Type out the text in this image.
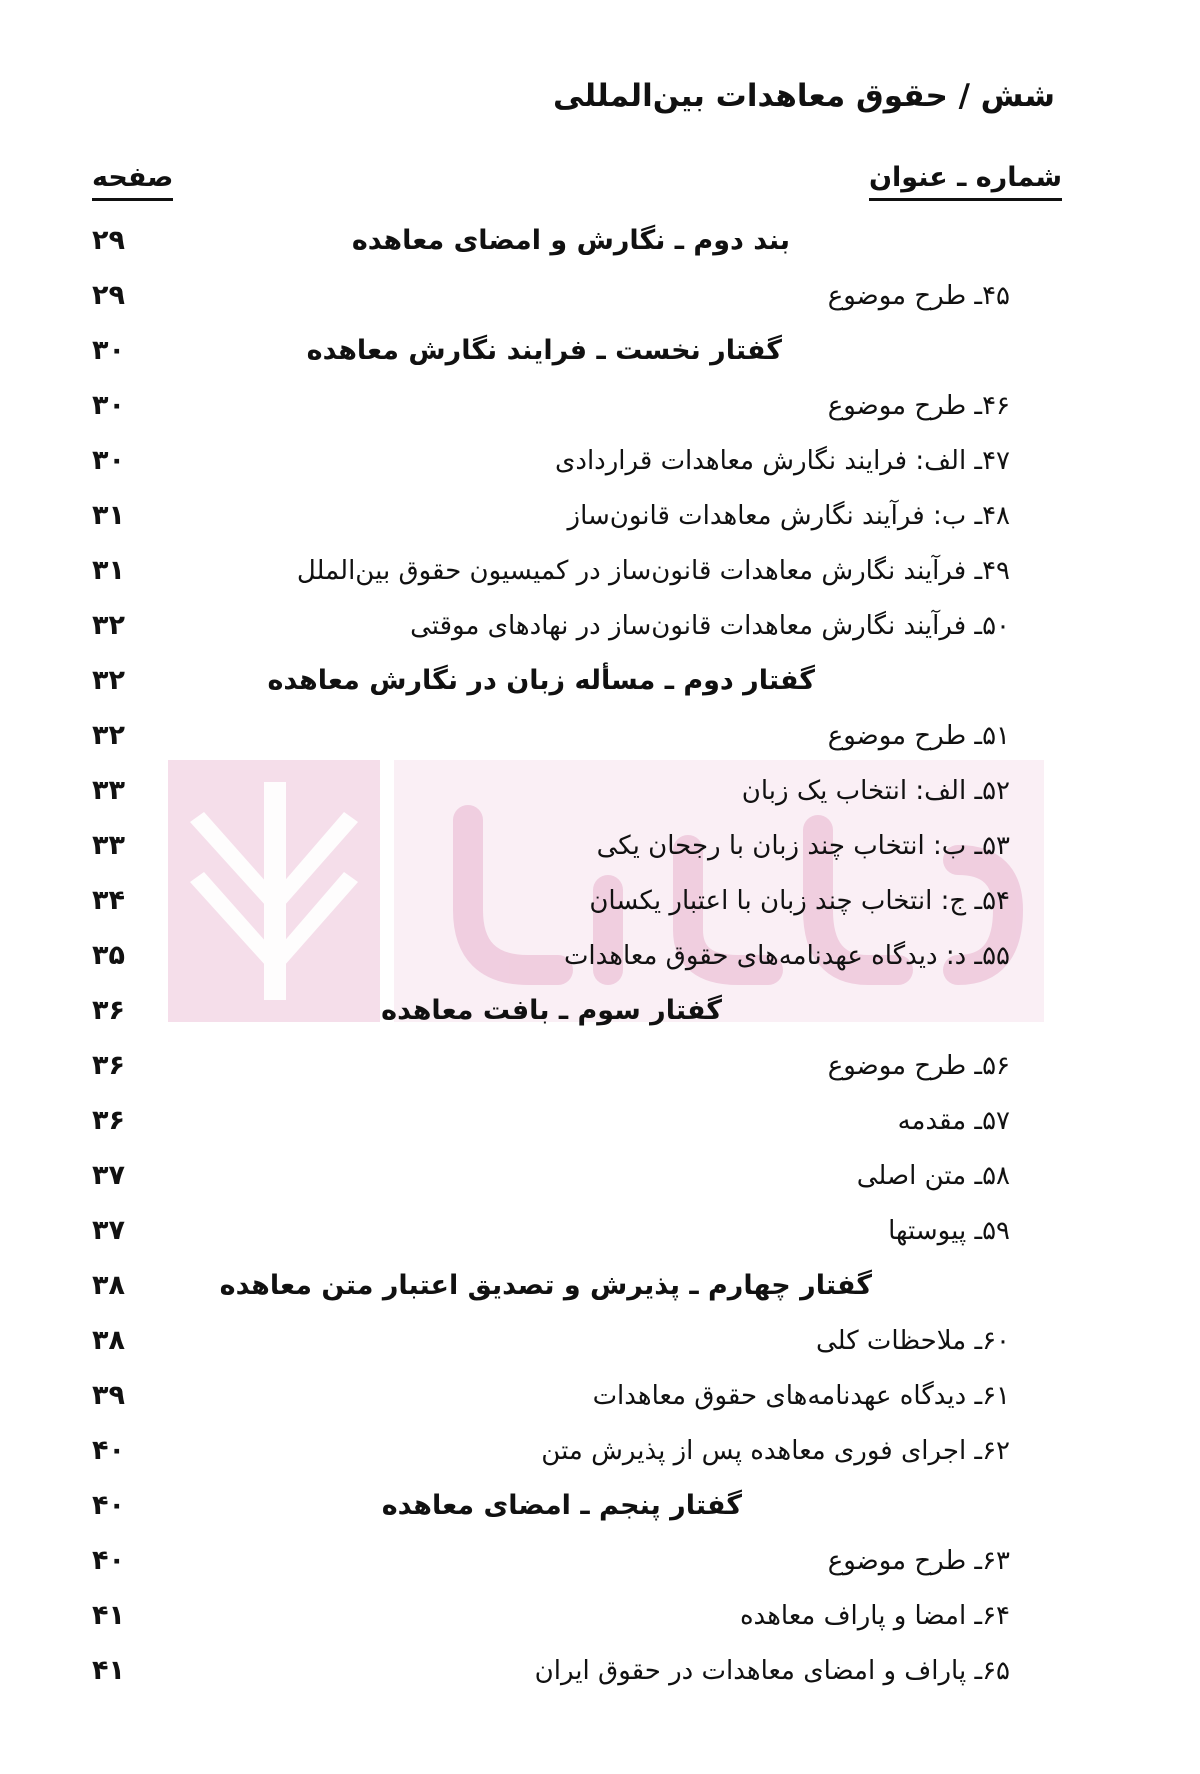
شش / حقوق معاهدات بین‌المللی
صفحه	شماره ـ عنوان
بند دوم ـ نگارش و امضای معاهده
۲۹
۴۵ـ طرح موضوع
۲۹
گفتار نخست ـ فرایند نگارش معاهده
۳۰
۴۶ـ طرح موضوع
۳۰
۴۷ـ الف: فرایند نگارش معاهدات قراردادی
۳۰
۴۸ـ ب: فرآیند نگارش معاهدات قانون‌ساز
۳۱
۴۹ـ فرآیند نگارش معاهدات قانون‌ساز در کمیسیون حقوق بین‌الملل
۳۱
۵۰ـ فرآیند نگارش معاهدات قانون‌ساز در نهادهای موقتی
۳۲
گفتار دوم ـ مسأله زبان در نگارش معاهده
۳۲
۵۱ـ طرح موضوع
۳۲
۵۲ـ الف: انتخاب یک زبان
۳۳
۵۳ـ ب: انتخاب چند زبان با رجحان یکی
۳۳
۵۴ـ ج: انتخاب چند زبان با اعتبار یکسان
۳۴
۵۵ـ د: دیدگاه عهدنامه‌های حقوق معاهدات
۳۵
گفتار سوم ـ بافت معاهده
۳۶
۵۶ـ طرح موضوع
۳۶
۵۷ـ مقدمه
۳۶
۵۸ـ متن اصلی
۳۷
۵۹ـ پیوستها
۳۷
گفتار چهارم ـ پذیرش و تصدیق اعتبار متن معاهده
۳۸
۶۰ـ ملاحظات کلی
۳۸
۶۱ـ دیدگاه عهدنامه‌های حقوق معاهدات
۳۹
۶۲ـ اجرای فوری معاهده پس از پذیرش متن
۴۰
گفتار پنجم ـ امضای معاهده
۴۰
۶۳ـ طرح موضوع
۴۰
۶۴ـ امضا و پاراف معاهده
۴۱
۶۵ـ پاراف و امضای معاهدات در حقوق ایران
۴۱
